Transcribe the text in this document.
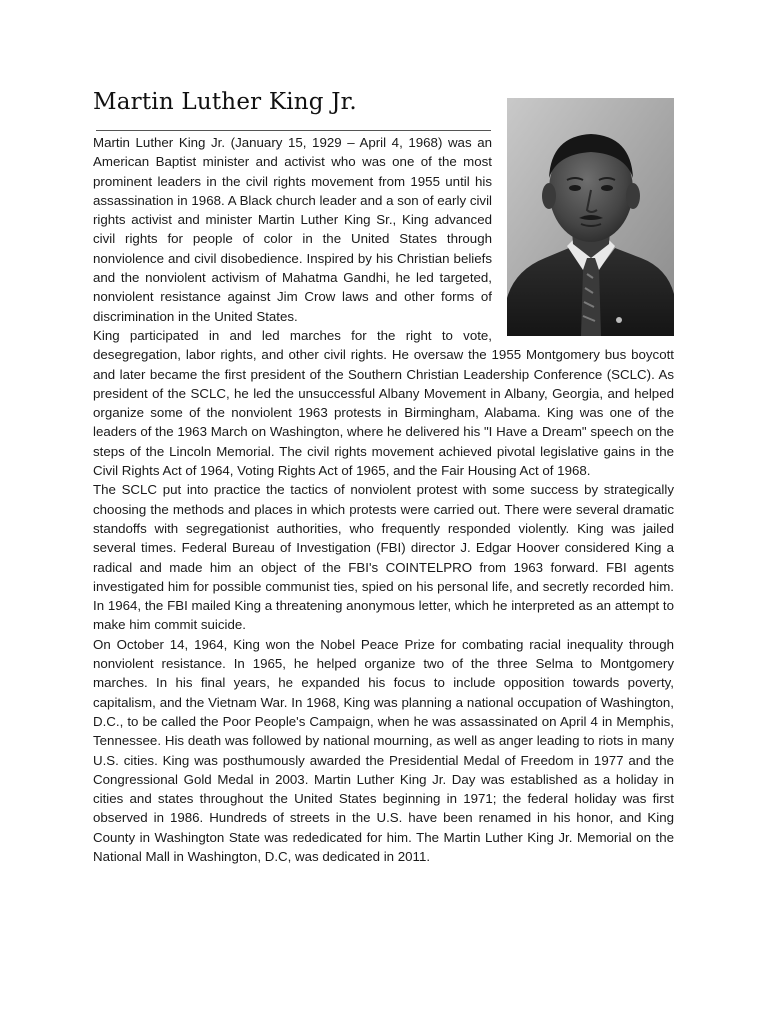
Martin Luther King Jr.

Martin Luther King Jr. (January 15, 1929 – April 4, 1968) was an American Baptist minister and activist who was one of the most prominent leaders in the civil rights movement from 1955 until his assassination in 1968. A Black church leader and a son of early civil rights activist and minister Martin Luther King Sr., King advanced civil rights for people of color in the United States through nonviolence and civil disobedience. Inspired by his Christian beliefs and the nonviolent activism of Mahatma Gandhi, he led targeted, nonviolent resistance against Jim Crow laws and other forms of discrimination in the United States.

King participated in and led marches for the right to vote, desegregation, labor rights, and other civil rights. He oversaw the 1955 Montgomery bus boycott and later became the first president of the Southern Christian Leadership Conference (SCLC). As president of the SCLC, he led the unsuccessful Albany Movement in Albany, Georgia, and helped organize some of the nonviolent 1963 protests in Birmingham, Alabama. King was one of the leaders of the 1963 March on Washington, where he delivered his "I Have a Dream" speech on the steps of the Lincoln Memorial. The civil rights movement achieved pivotal legislative gains in the Civil Rights Act of 1964, Voting Rights Act of 1965, and the Fair Housing Act of 1968.

The SCLC put into practice the tactics of nonviolent protest with some success by strategically choosing the methods and places in which protests were carried out. There were several dramatic standoffs with segregationist authorities, who frequently responded violently. King was jailed several times. Federal Bureau of Investigation (FBI) director J. Edgar Hoover considered King a radical and made him an object of the FBI's COINTELPRO from 1963 forward. FBI agents investigated him for possible communist ties, spied on his personal life, and secretly recorded him. In 1964, the FBI mailed King a threatening anonymous letter, which he interpreted as an attempt to make him commit suicide.

On October 14, 1964, King won the Nobel Peace Prize for combating racial inequality through nonviolent resistance. In 1965, he helped organize two of the three Selma to Montgomery marches. In his final years, he expanded his focus to include opposition towards poverty, capitalism, and the Vietnam War. In 1968, King was planning a national occupation of Washington, D.C., to be called the Poor People's Campaign, when he was assassinated on April 4 in Memphis, Tennessee. His death was followed by national mourning, as well as anger leading to riots in many U.S. cities. King was posthumously awarded the Presidential Medal of Freedom in 1977 and the Congressional Gold Medal in 2003. Martin Luther King Jr. Day was established as a holiday in cities and states throughout the United States beginning in 1971; the federal holiday was first observed in 1986. Hundreds of streets in the U.S. have been renamed in his honor, and King County in Washington State was rededicated for him. The Martin Luther King Jr. Memorial on the National Mall in Washington, D.C, was dedicated in 2011.
